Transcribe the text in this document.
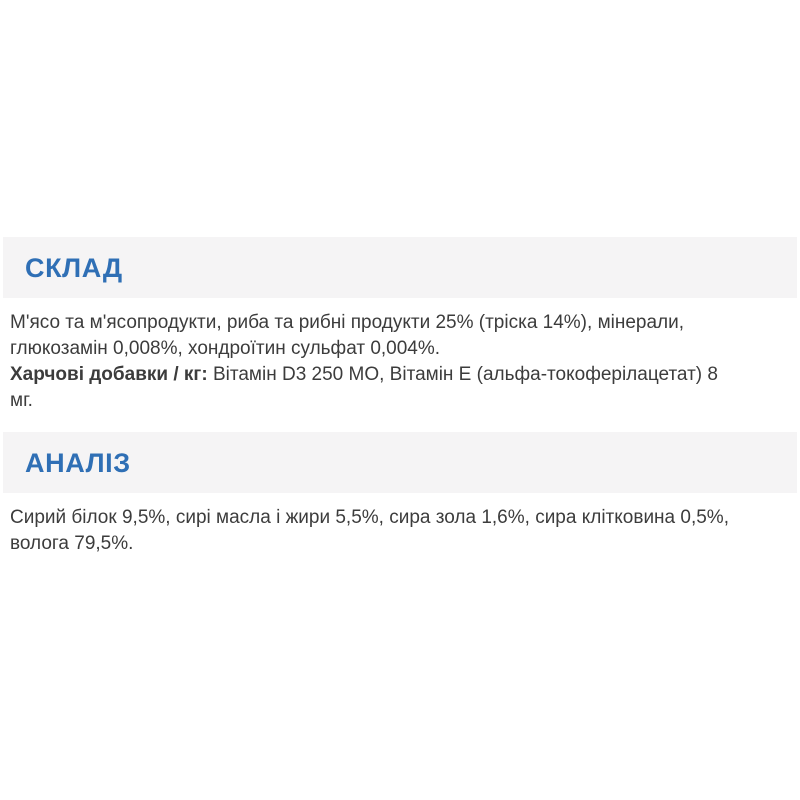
СКЛАД
М'ясо та м'ясопродукти, риба та рибні продукти 25% (тріска 14%), мінерали,
глюкозамін 0,008%, хондроїтин сульфат 0,004%.
Харчові добавки / кг: Вітамін D3 250 МО, Вітамін Е (альфа-токоферілацетат) 8
мг.
АНАЛІЗ
Сирий білок 9,5%, сирі масла і жири 5,5%, сира зола 1,6%, сира клітковина 0,5%,
волога 79,5%.
